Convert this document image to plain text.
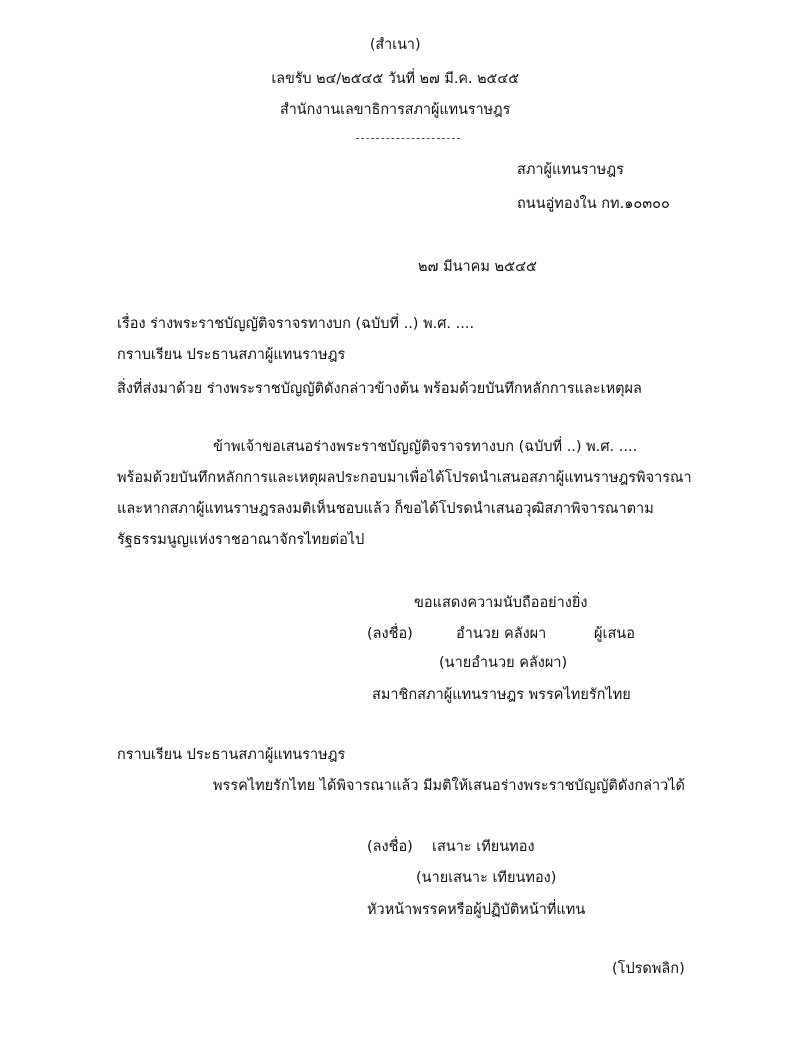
(สำเนา)
เลขรับ ๒๔/๒๕๔๕ วันที่ ๒๗ มี.ค. ๒๕๔๕
สำนักงานเลขาธิการสภาผู้แทนราษฎร
สภาผู้แทนราษฎร
ถนนอู่ทองใน กท.๑๐๓๐๐
๒๗ มีนาคม ๒๕๔๕
เรื่อง ร่างพระราชบัญญัติจราจรทางบก (ฉบับที่ ..) พ.ศ. ....
กราบเรียน ประธานสภาผู้แทนราษฎร
สิ่งที่ส่งมาด้วย ร่างพระราชบัญญัติดังกล่าวข้างต้น พร้อมด้วยบันทึกหลักการและเหตุผล
ข้าพเจ้าขอเสนอร่างพระราชบัญญัติจราจรทางบก (ฉบับที่ ..) พ.ศ. ....
พร้อมด้วยบันทึกหลักการและเหตุผลประกอบมาเพื่อได้โปรดนำเสนอสภาผู้แทนราษฎรพิจารณา
และหากสภาผู้แทนราษฎรลงมติเห็นชอบแล้ว ก็ขอได้โปรดนำเสนอวุฒิสภาพิจารณาตาม
รัฐธรรมนูญแห่งราชอาณาจักรไทยต่อไป
ขอแสดงความนับถืออย่างยิ่ง
(ลงชื่อ)	อำนวย คลังผา	ผู้เสนอ
(นายอำนวย คลังผา)
สมาชิกสภาผู้แทนราษฎร พรรคไทยรักไทย
กราบเรียน ประธานสภาผู้แทนราษฎร
พรรคไทยรักไทย ได้พิจารณาแล้ว มีมติให้เสนอร่างพระราชบัญญัติดังกล่าวได้
(ลงชื่อ) เสนาะ เทียนทอง
(นายเสนาะ เทียนทอง)
หัวหน้าพรรคหรือผู้ปฏิบัติหน้าที่แทน
(โปรดพลิก)
